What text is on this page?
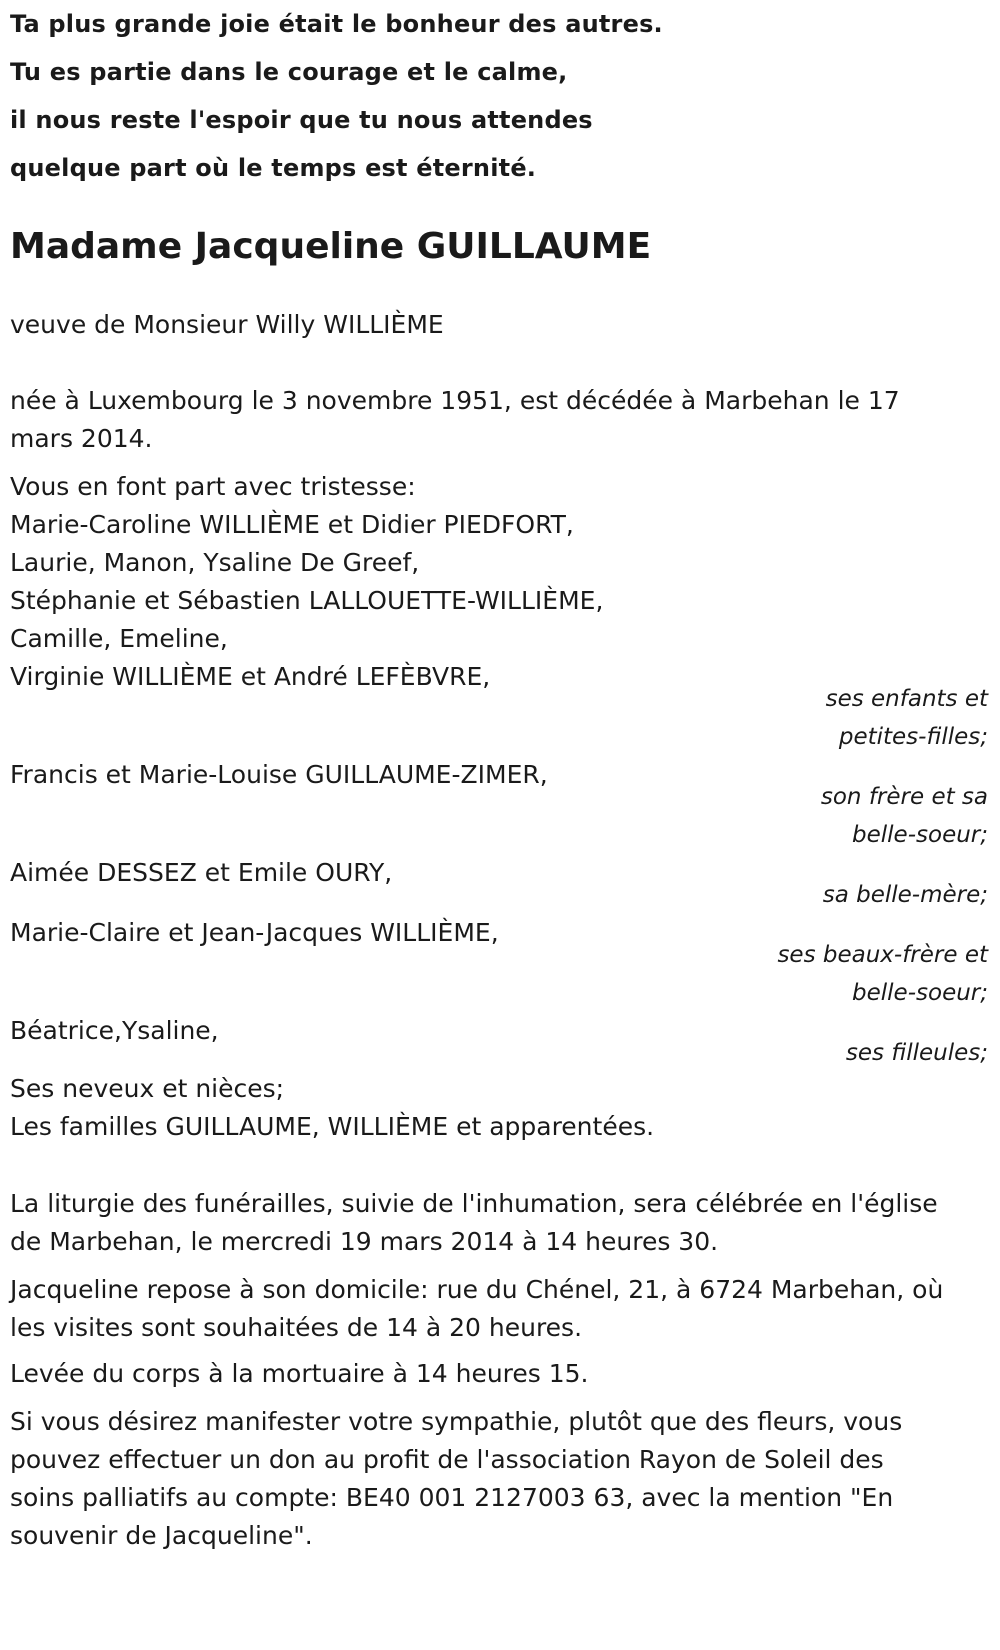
Ta plus grande joie était le bonheur des autres.
Tu es partie dans le courage et le calme,
il nous reste l'espoir que tu nous attendes
quelque part où le temps est éternité.
Madame Jacqueline GUILLAUME
veuve de Monsieur Willy WILLIÈME
née à Luxembourg le 3 novembre 1951, est décédée à Marbehan le 17
mars 2014.
Vous en font part avec tristesse:
Marie-Caroline WILLIÈME et Didier PIEDFORT,
Laurie, Manon, Ysaline De Greef,
Stéphanie et Sébastien LALLOUETTE-WILLIÈME,
Camille, Emeline,
Virginie WILLIÈME et André LEFÈBVRE,
ses enfants et
petites-filles;
Francis et Marie-Louise GUILLAUME-ZIMER,
son frère et sa
belle-soeur;
Aimée DESSEZ et Emile OURY,
sa belle-mère;
Marie-Claire et Jean-Jacques WILLIÈME,
ses beaux-frère et
belle-soeur;
Béatrice,Ysaline,
ses filleules;
Ses neveux et nièces;
Les familles GUILLAUME, WILLIÈME et apparentées.
La liturgie des funérailles, suivie de l'inhumation, sera célébrée en l'église
de Marbehan, le mercredi 19 mars 2014 à 14 heures 30.
Jacqueline repose à son domicile: rue du Chénel, 21, à 6724 Marbehan, où
les visites sont souhaitées de 14 à 20 heures.
Levée du corps à la mortuaire à 14 heures 15.
Si vous désirez manifester votre sympathie, plutôt que des fleurs, vous
pouvez effectuer un don au profit de l'association Rayon de Soleil des
soins palliatifs au compte: BE40 001 2127003 63, avec la mention "En
souvenir de Jacqueline".
